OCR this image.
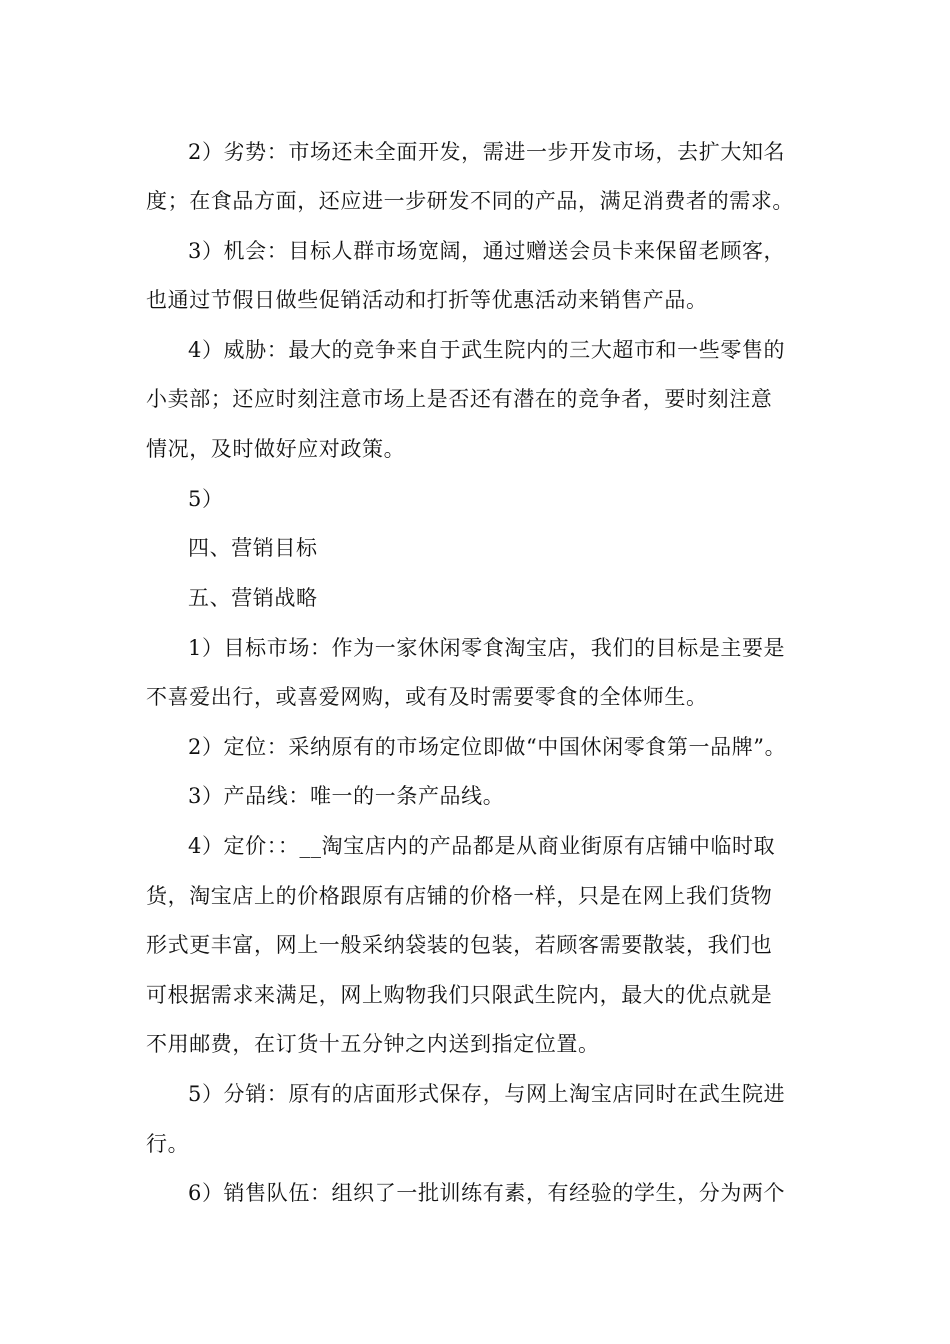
2）劣势：市场还未全面开发，需进一步开发市场，去扩大知名
度；在食品方面，还应进一步研发不同的产品，满足消费者的需求。
3）机会：目标人群市场宽阔，通过赠送会员卡来保留老顾客，
也通过节假日做些促销活动和打折等优惠活动来销售产品。
4）威胁：最大的竞争来自于武生院内的三大超市和一些零售的
小卖部；还应时刻注意市场上是否还有潜在的竞争者，要时刻注意
情况，及时做好应对政策。
5）
四、营销目标
五、营销战略
1）目标市场：作为一家休闲零食淘宝店，我们的目标是主要是
不喜爱出行，或喜爱网购，或有及时需要零食的全体师生。
2）定位：采纳原有的市场定位即做“中国休闲零食第一品牌”。
3）产品线：唯一的一条产品线。
4）定价：：__淘宝店内的产品都是从商业街原有店铺中临时取
货，淘宝店上的价格跟原有店铺的价格一样，只是在网上我们货物
形式更丰富，网上一般采纳袋装的包装，若顾客需要散装，我们也
可根据需求来满足，网上购物我们只限武生院内，最大的优点就是
不用邮费，在订货十五分钟之内送到指定位置。
5）分销：原有的店面形式保存，与网上淘宝店同时在武生院进
行。
6）销售队伍：组织了一批训练有素，有经验的学生，分为两个
